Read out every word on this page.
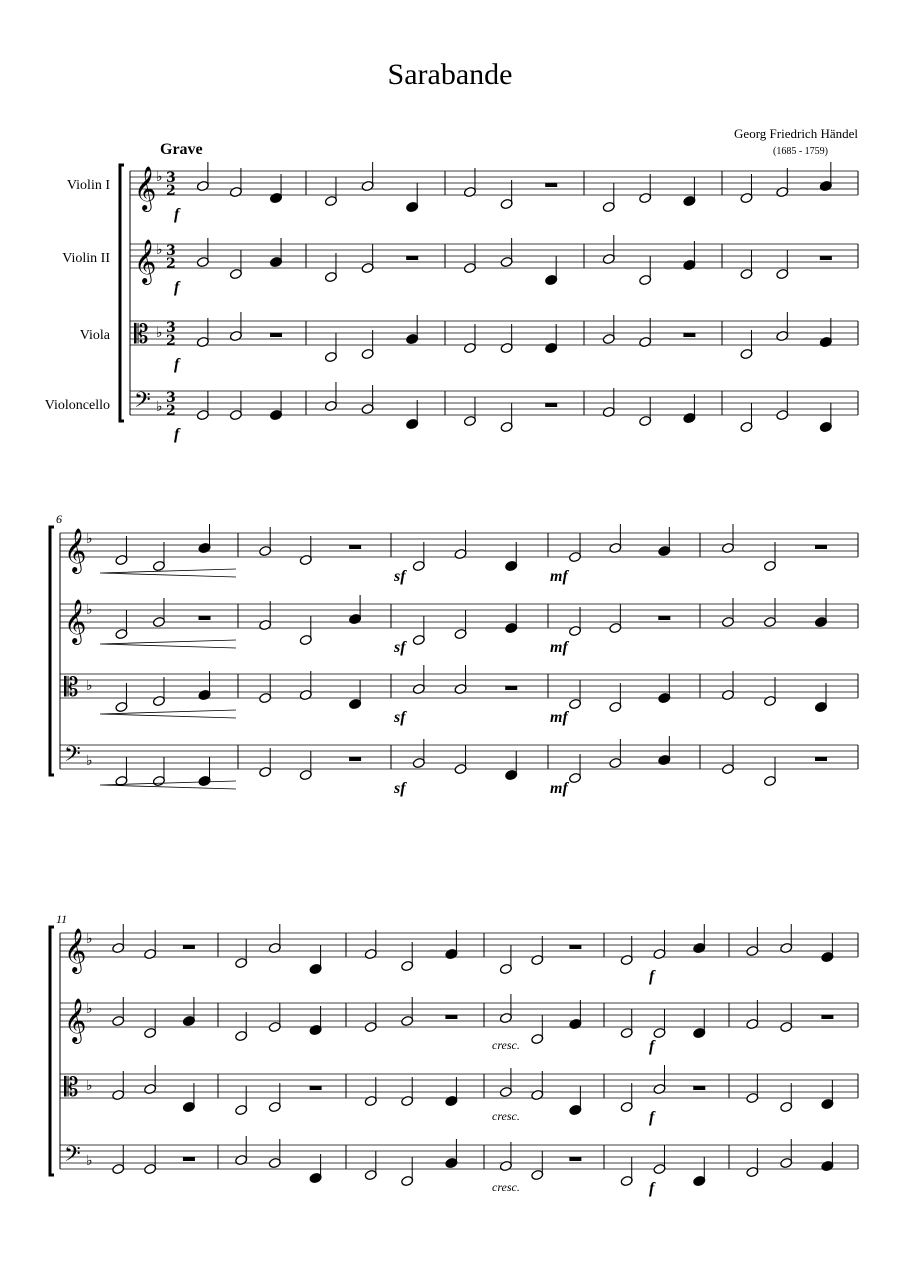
Sarabande
Georg Friedrich Händel

(1685 - 1759)
Grave
Violin I
Violin II
Viola
Violoncello
𝄞 ♭ 3
2
𝄞 ♭ 3
2
𝄡 ♭ 3
2
𝄢 ♭
3
2
6
𝄞 ♭
𝄞 ♭
𝄡 ♭
𝄢 ♭
11
𝄞 ♭
𝄞 ♭
𝄡 ♭
𝄢 ♭
f
f
f
f
sf
sf
sf
sf
mf
mf
mf
mf
f
f
f
f
cresc.
cresc.
cresc.
